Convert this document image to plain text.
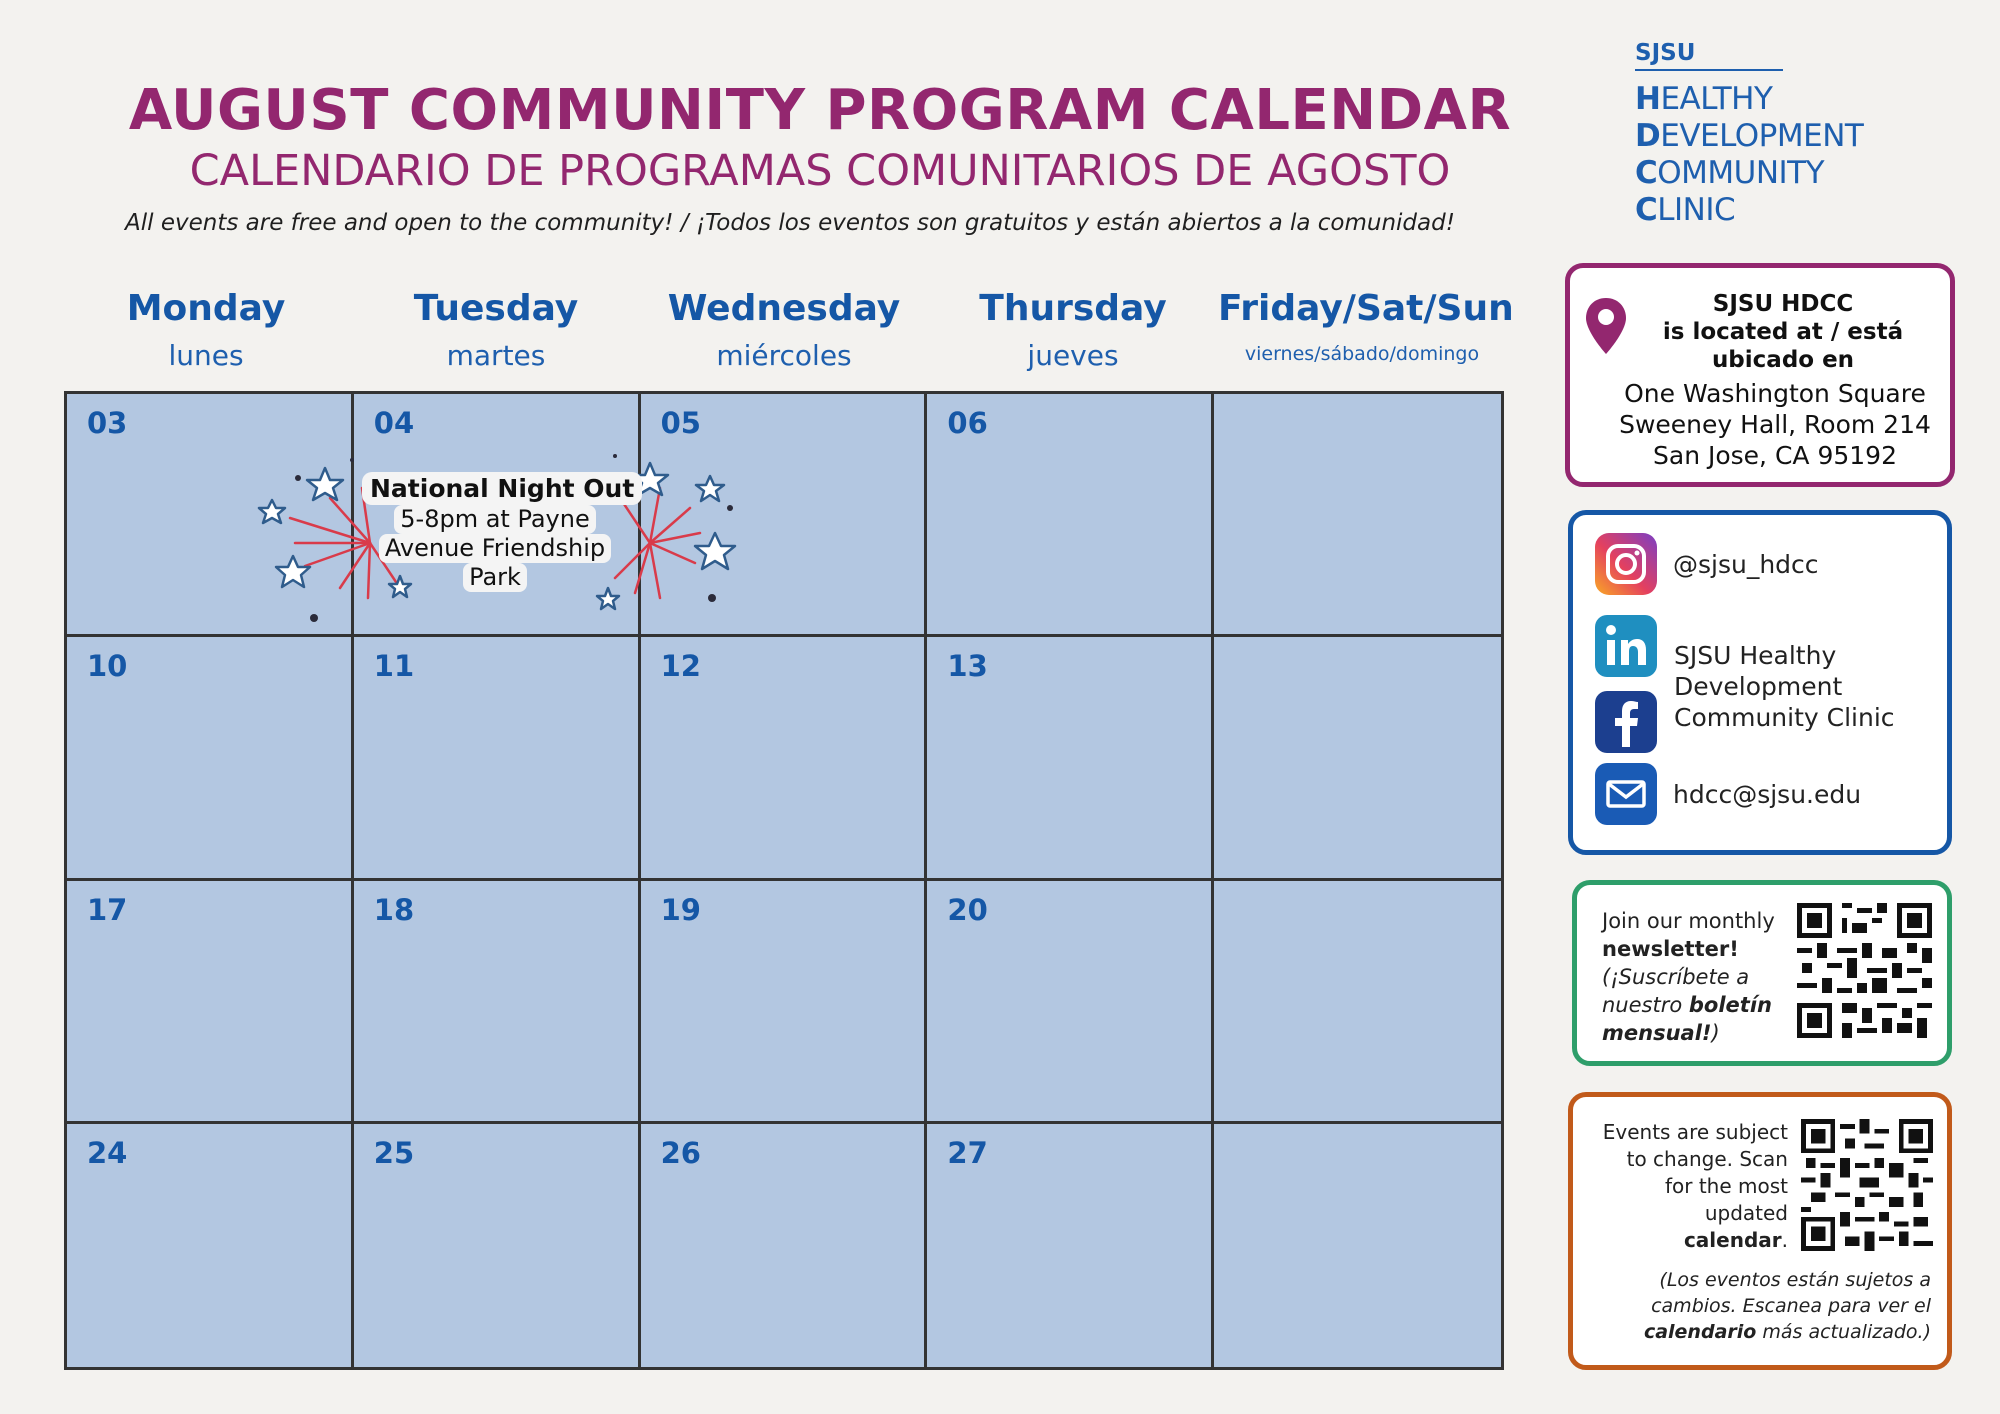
AUGUST COMMUNITY PROGRAM CALENDAR
CALENDARIO DE PROGRAMAS COMUNITARIOS DE AGOSTO
All events are free and open to the community! / ¡Todos los eventos son gratuitos y están abiertos a la comunidad!
Monday
lunes
Tuesday
martes
Wednesday
miércoles
Thursday
jueves
Friday/Sat/Sun
viernes/sábado/domingo
03	04	05	06
10	11	12	13
17	18	19	20
24	25	26	27
National Night Out
5-8pm at Payne
Avenue Friendship
Park
SJSU
HEALTHY
DEVELOPMENT
COMMUNITY
CLINIC
SJSU HDCC
is located at / está
ubicado en
One Washington Square
Sweeney Hall, Room 214
San Jose, CA 95192
@sjsu_hdcc
SJSU Healthy
Development
Community Clinic
hdcc@sjsu.edu
Join our monthly
newsletter!
(¡Suscríbete a
nuestro boletín
mensual!)
Events are subject
to change. Scan
for the most
updated
calendar.
(Los eventos están sujetos a
cambios. Escanea para ver el
calendario más actualizado.)
